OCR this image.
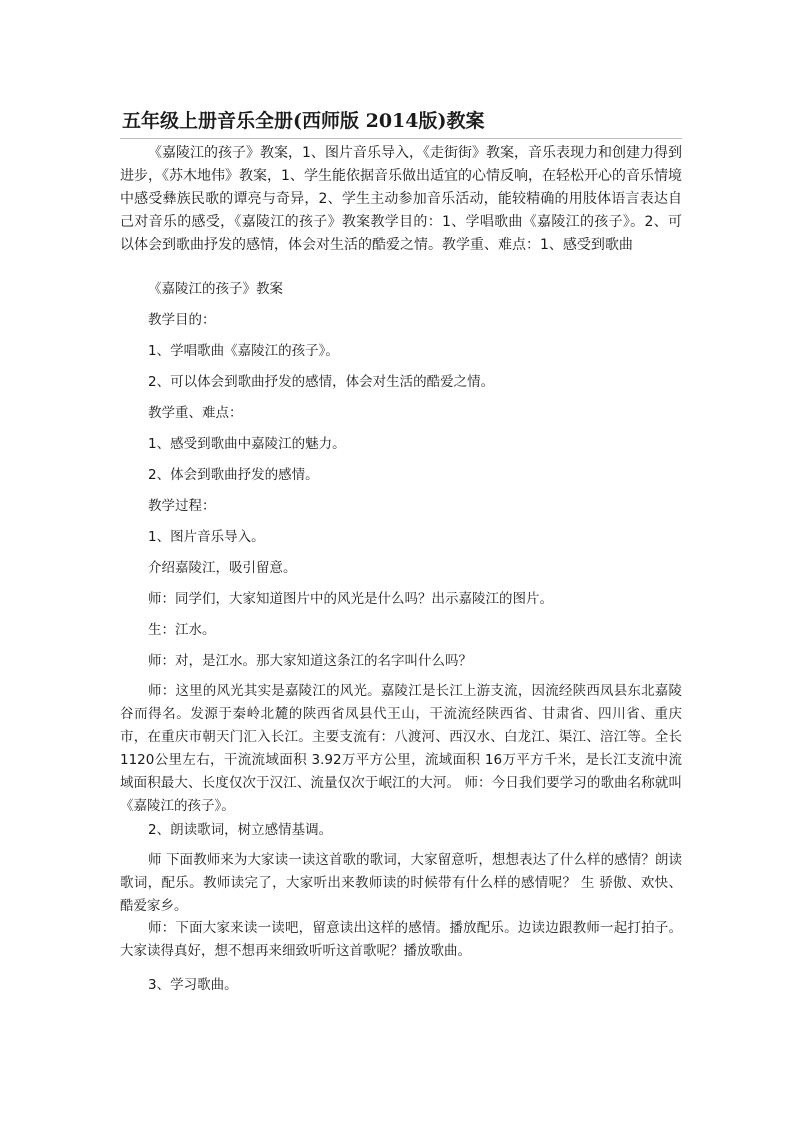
五年级上册音乐全册(西师版 2014版)教案

《嘉陵江的孩子》教案，1、图片音乐导入，《走街街》教案，音乐表现力和创建力得到进步，《苏木地伟》教案，1、学生能依据音乐做出适宜的心情反响，在轻松开心的音乐情境中感受彝族民歌的谭亮与奇异，2、学生主动参加音乐活动，能较精确的用肢体语言表达自己对音乐的感受，《嘉陵江的孩子》教案教学目的：1、学唱歌曲《嘉陵江的孩子》。2、可以体会到歌曲抒发的感情，体会对生活的酷爱之情。教学重、难点：1、感受到歌曲

《嘉陵江的孩子》教案
教学目的：
1、学唱歌曲《嘉陵江的孩子》。
2、可以体会到歌曲抒发的感情，体会对生活的酷爱之情。
教学重、难点：
1、感受到歌曲中嘉陵江的魅力。
2、体会到歌曲抒发的感情。
教学过程：
1、图片音乐导入。
介绍嘉陵江，吸引留意。
师：同学们，大家知道图片中的风光是什么吗？出示嘉陵江的图片。
生：江水。
师：对，是江水。那大家知道这条江的名字叫什么吗？

师：这里的风光其实是嘉陵江的风光。嘉陵江是长江上游支流，因流经陕西凤县东北嘉陵谷而得名。发源于秦岭北麓的陕西省凤县代王山，干流流经陕西省、甘肃省、四川省、重庆市，在重庆市朝天门汇入长江。主要支流有：八渡河、西汉水、白龙江、渠江、涪江等。全长 1120公里左右，干流流域面积 3.92万平方公里，流域面积 16万平方千米，是长江支流中流域面积最大、长度仅次于汉江、流量仅次于岷江的大河。 师：今日我们要学习的歌曲名称就叫《嘉陵江的孩子》。

2、朗读歌词，树立感情基调。

师 下面教师来为大家读一读这首歌的歌词，大家留意听，想想表达了什么样的感情？朗读歌词，配乐。教师读完了，大家听出来教师读的时候带有什么样的感情呢？ 生 骄傲、欢快、酷爱家乡。

师：下面大家来读一读吧，留意读出这样的感情。播放配乐。边读边跟教师一起打拍子。大家读得真好，想不想再来细致听听这首歌呢？播放歌曲。

3、学习歌曲。
